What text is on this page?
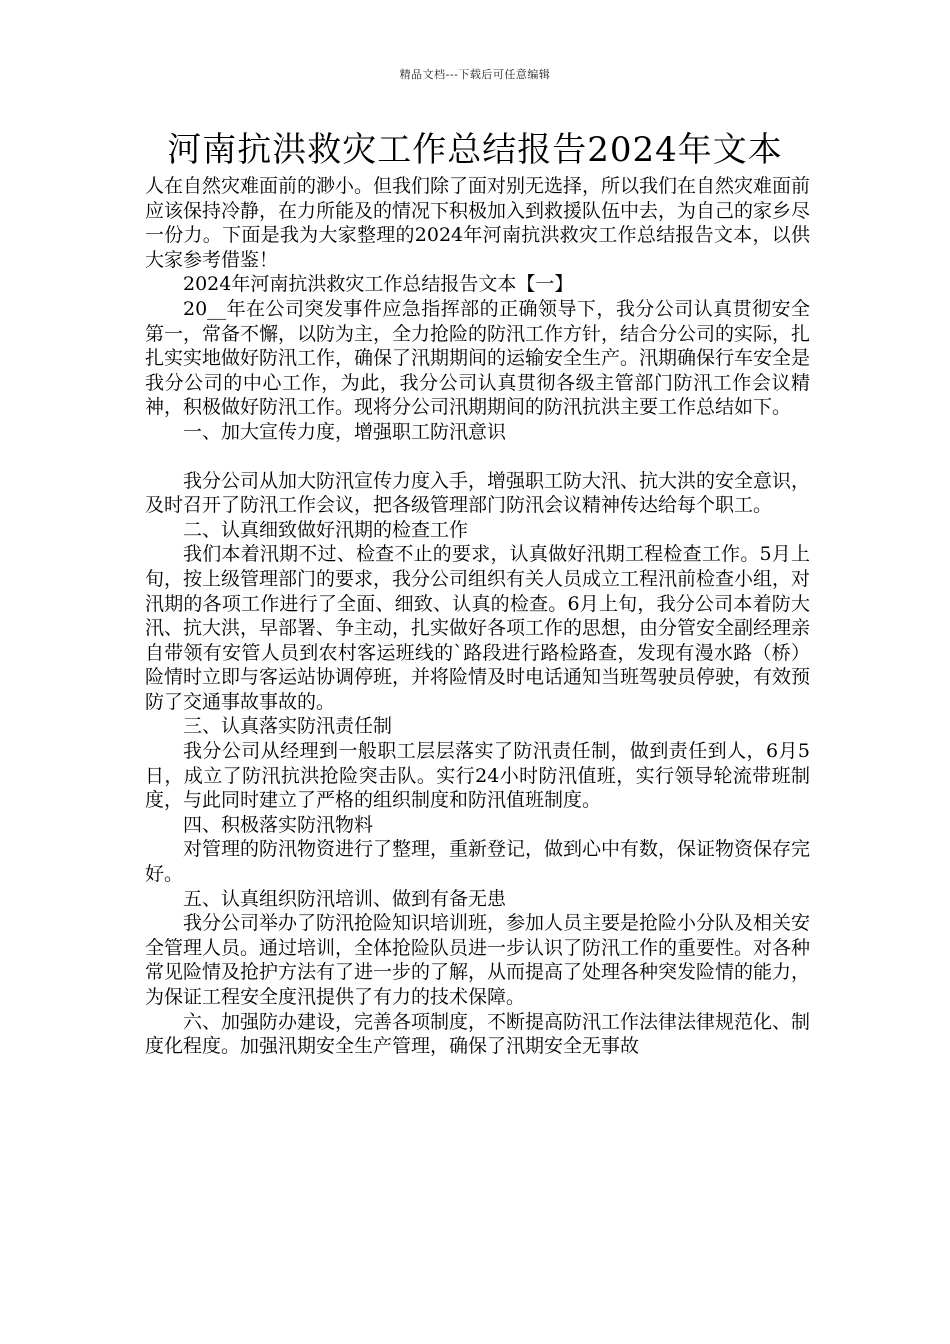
精品文档---下载后可任意编辑
河南抗洪救灾工作总结报告2024年文本

人在自然灾难面前的渺小。但我们除了面对别无选择，所以我们在自然灾难面前应该保持冷静，在力所能及的情况下积极加入到救援队伍中去，为自己的家乡尽一份力。下面是我为大家整理的2024年河南抗洪救灾工作总结报告文本，以供大家参考借鉴！

2024年河南抗洪救灾工作总结报告文本【一】

20__年在公司突发事件应急指挥部的正确领导下，我分公司认真贯彻安全第一，常备不懈，以防为主，全力抢险的防汛工作方针，结合分公司的实际，扎扎实实地做好防汛工作，确保了汛期期间的运输安全生产。汛期确保行车安全是我分公司的中心工作，为此，我分公司认真贯彻各级主管部门防汛工作会议精神，积极做好防汛工作。现将分公司汛期期间的防汛抗洪主要工作总结如下。

一、加大宣传力度，增强职工防汛意识

我分公司从加大防汛宣传力度入手，增强职工防大汛、抗大洪的安全意识，及时召开了防汛工作会议，把各级管理部门防汛会议精神传达给每个职工。

二、认真细致做好汛期的检查工作

我们本着汛期不过、检查不止的要求，认真做好汛期工程检查工作。5月上旬，按上级管理部门的要求，我分公司组织有关人员成立工程汛前检查小组，对汛期的各项工作进行了全面、细致、认真的检查。6月上旬，我分公司本着防大汛、抗大洪，早部署、争主动，扎实做好各项工作的思想，由分管安全副经理亲自带领有安管人员到农村客运班线的`路段进行路检路查，发现有漫水路（桥）险情时立即与客运站协调停班，并将险情及时电话通知当班驾驶员停驶，有效预防了交通事故事故的。

三、认真落实防汛责任制

我分公司从经理到一般职工层层落实了防汛责任制，做到责任到人，6月5日，成立了防汛抗洪抢险突击队。实行24小时防汛值班，实行领导轮流带班制度，与此同时建立了严格的组织制度和防汛值班制度。

四、积极落实防汛物料

对管理的防汛物资进行了整理，重新登记，做到心中有数，保证物资保存完好。

五、认真组织防汛培训、做到有备无患

我分公司举办了防汛抢险知识培训班，参加人员主要是抢险小分队及相关安全管理人员。通过培训，全体抢险队员进一步认识了防汛工作的重要性。对各种常见险情及抢护方法有了进一步的了解，从而提高了处理各种突发险情的能力，为保证工程安全度汛提供了有力的技术保障。

六、加强防办建设，完善各项制度，不断提高防汛工作法律法律规范化、制度化程度。加强汛期安全生产管理，确保了汛期安全无事故
